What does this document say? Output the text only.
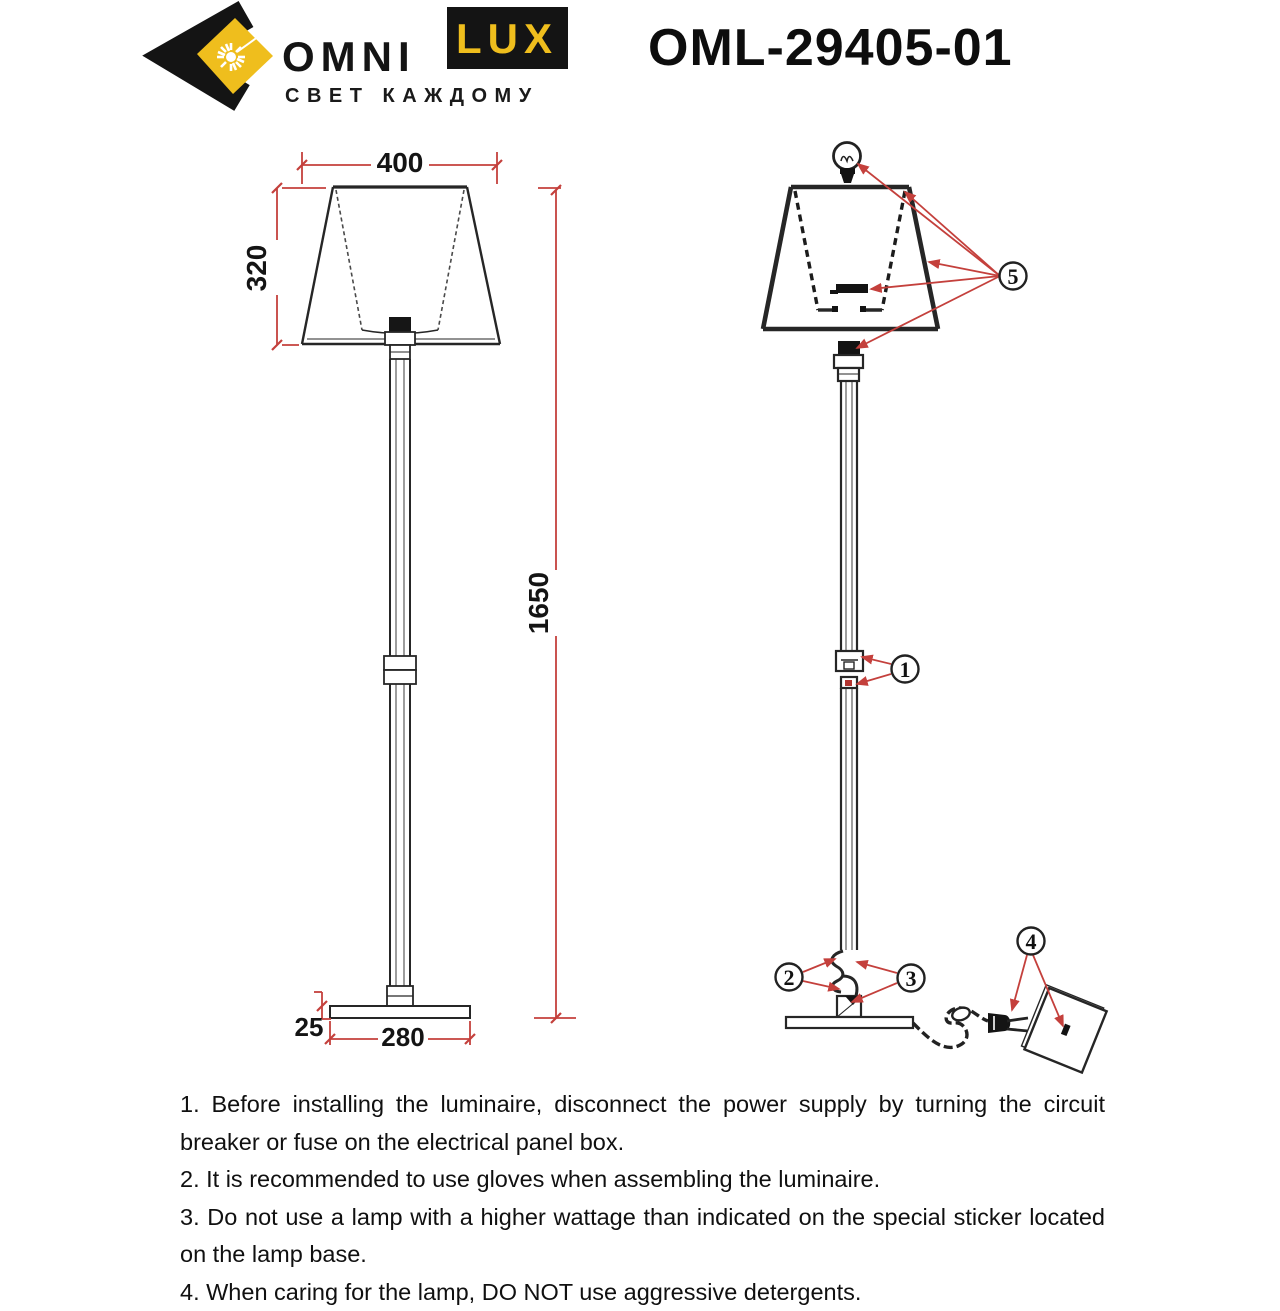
OMNI LUX
СВЕТ КАЖДОМУ
OML-29405-01
400
320
1650
25 280
1
2	3
4
5

1. Before installing the luminaire, disconnect the power supply by turning the circuit breaker or fuse on the electrical panel box.

2. It is recommended to use gloves when assembling the luminaire.

3. Do not use a lamp with a higher wattage than indicated on the special sticker located on the lamp base.

4. When caring for the lamp, DO NOT use aggressive detergents.
